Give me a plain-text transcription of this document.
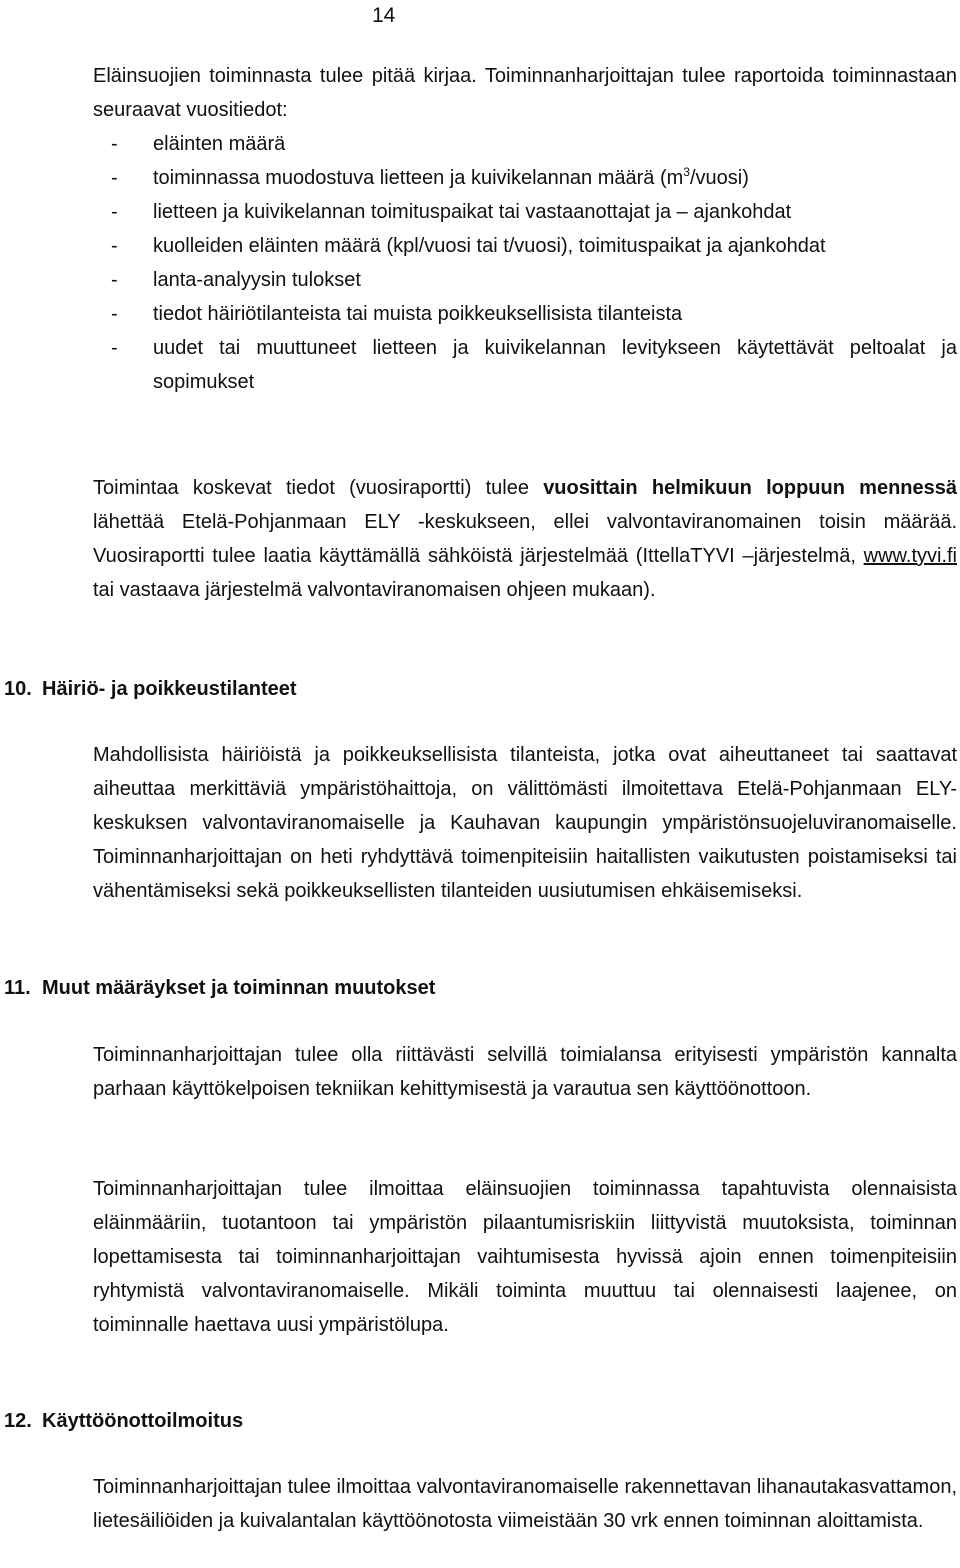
14

Eläinsuojien toiminnasta tulee pitää kirjaa. Toiminnanharjoittajan tulee raportoida toiminnastaan seuraavat vuositiedot:

- eläinten määrä
- toiminnassa muodostuva lietteen ja kuivikelannan määrä $(m^3/vuosi)$
- lietteen ja kuivikelannan toimituspaikat tai vastaanottajat ja – ajankohdat
- kuolleiden eläinten määrä (kpl/vuosi tai t/vuosi), toimituspaikat ja ajankohdat
- lanta-analyysin tulokset
- tiedot häiriötilanteista tai muista poikkeuksellisista tilanteista
- uudet tai muuttuneet lietteen ja kuivikelannan levitykseen käytettävät peltoalat ja sopimukset

Toimintaa koskevat tiedot (vuosiraportti) tulee vuosittain helmikuun loppuun mennessä lähettää Etelä-Pohjanmaan ELY -keskukseen, ellei valvontaviranomainen toisin määrää. Vuosiraportti tulee laatia käyttämällä sähköistä järjestelmää (IttellaTYVI –järjestelmä, www.tyvi.fi tai vastaava järjestelmä valvontaviranomaisen ohjeen mukaan).

10. Häiriö- ja poikkeustilanteet

Mahdollisista häiriöistä ja poikkeuksellisista tilanteista, jotka ovat aiheuttaneet tai saattavat aiheuttaa merkittäviä ympäristöhaittoja, on välittömästi ilmoitettava Etelä-Pohjanmaan ELY- keskuksen valvontaviranomaiselle ja Kauhavan kaupungin ympäristönsuojeluviranomaiselle. Toiminnanharjoittajan on heti ryhdyttävä toimenpiteisiin haitallisten vaikutusten poistamiseksi tai vähentämiseksi sekä poikkeuksellisten tilanteiden uusiutumisen ehkäisemiseksi.

11. Muut määräykset ja toiminnan muutokset

Toiminnanharjoittajan tulee olla riittävästi selvillä toimialansa erityisesti ympäristön kannalta parhaan käyttökelpoisen tekniikan kehittymisestä ja varautua sen käyttöönottoon.

Toiminnanharjoittajan tulee ilmoittaa eläinsuojien toiminnassa tapahtuvista olennaisista eläinmääriin, tuotantoon tai ympäristön pilaantumisriskiin liittyvistä muutoksista, toiminnan lopettamisesta tai toiminnanharjoittajan vaihtumisesta hyvissä ajoin ennen toimenpiteisiin ryhtymistä valvontaviranomaiselle. Mikäli toiminta muuttuu tai olennaisesti laajenee, on toiminnalle haettava uusi ympäristölupa.

12. Käyttöönottoilmoitus

Toiminnanharjoittajan tulee ilmoittaa valvontaviranomaiselle rakennettavan lihanautakasvattamon, lietesäiliöiden ja kuivalantalan käyttöönotosta viimeistään 30 vrk ennen toiminnan aloittamista.
